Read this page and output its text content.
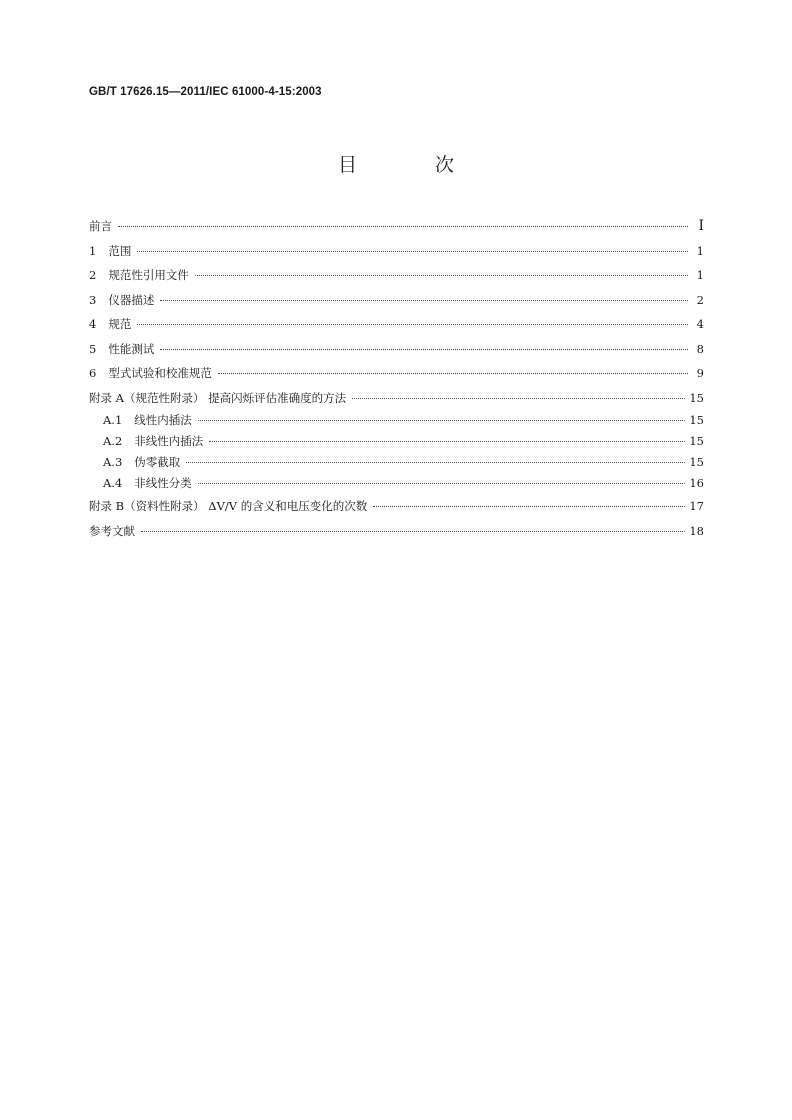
GB/T 17626.15—2011/IEC 61000-4-15:2003
目 次
前言	Ⅰ
1	范围	1
2	规范性引用文件	1
3	仪器描述	2
4	规范	4
5	性能测试	8
6	型式试验和校准规范	9
附录 A（规范性附录） 提高闪烁评估准确度的方法	15
A.1	线性内插法	15
A.2	非线性内插法	15
A.3	伪零截取	15
A.4	非线性分类	16
附录 B（资料性附录） ΔV/V 的含义和电压变化的次数	17
参考文献	18
